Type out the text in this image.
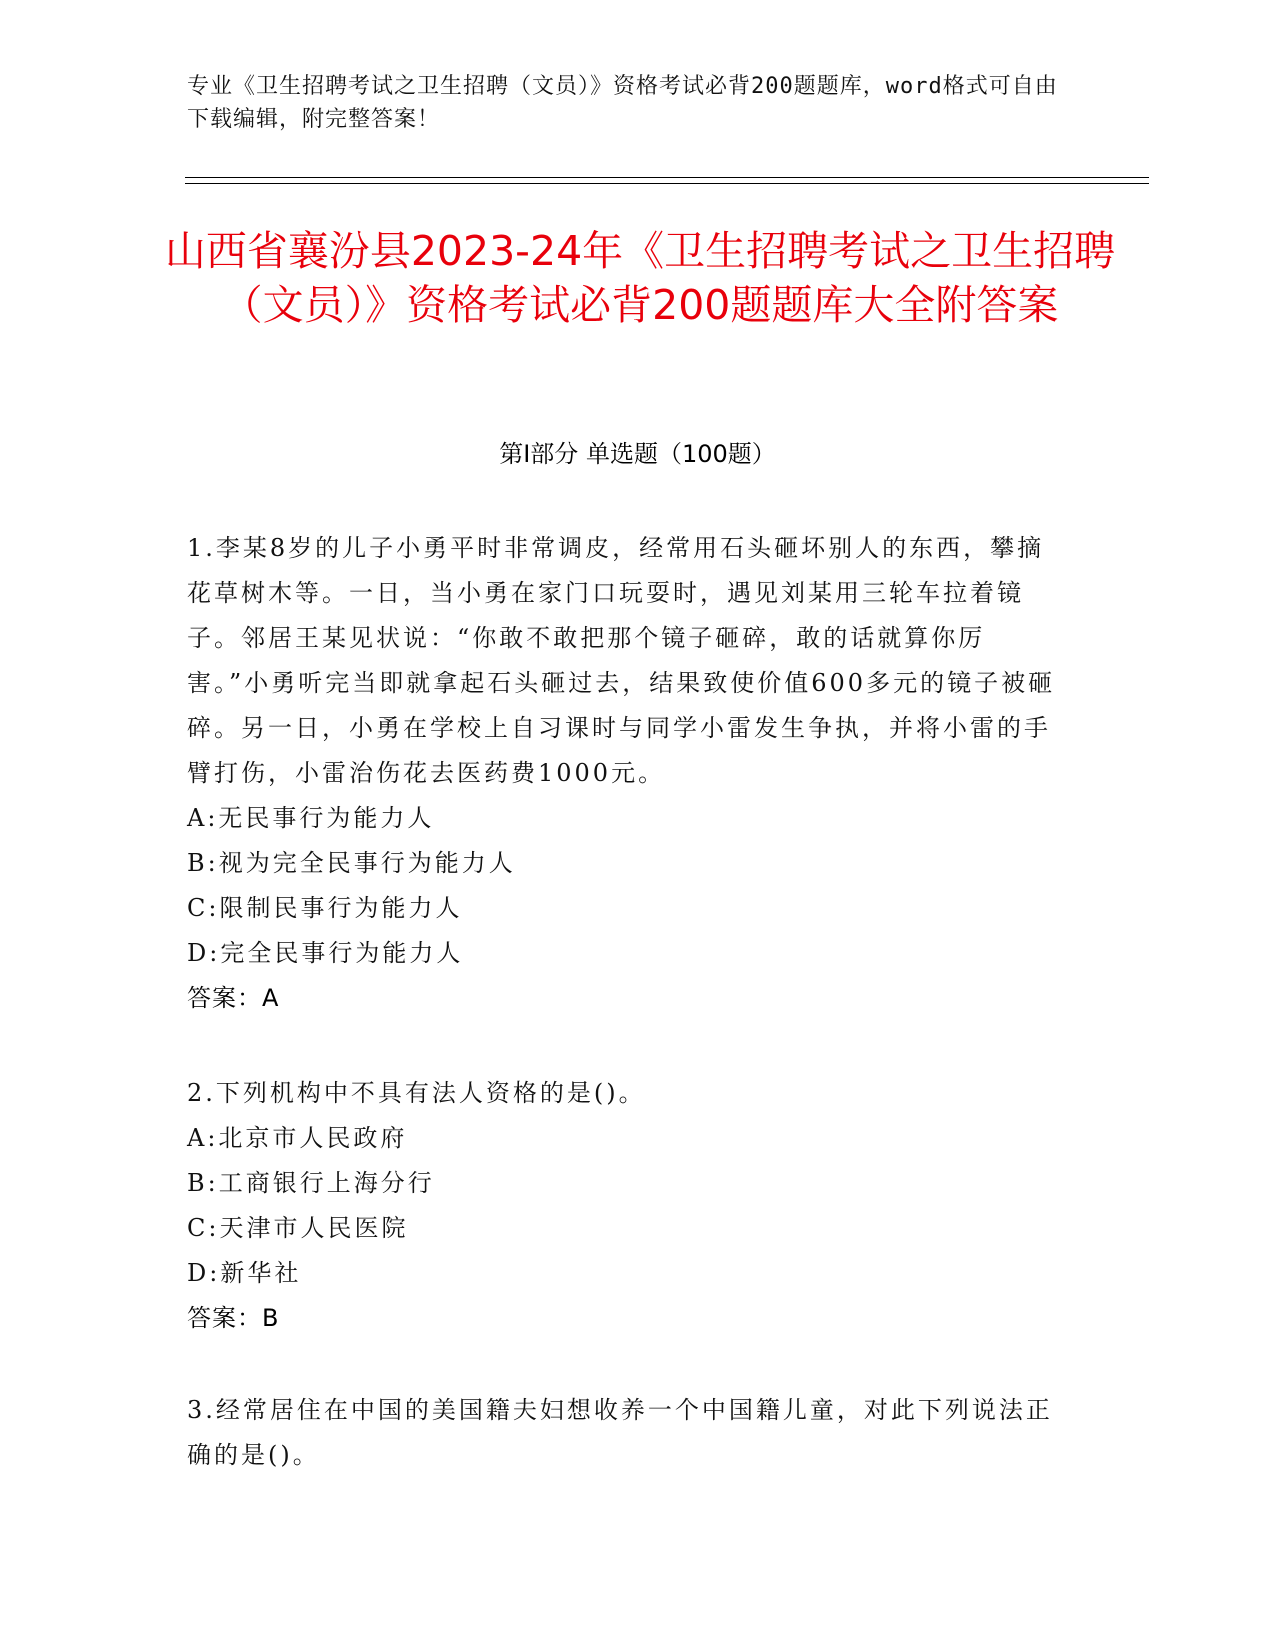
专业《卫生招聘考试之卫生招聘（文员）》资格考试必背200题题库，word格式可自由下载编辑，附完整答案！
山西省襄汾县2023-24年《卫生招聘考试之卫生招聘（文员）》资格考试必背200题题库大全附答案
第Ⅰ部分 单选题（100题）

1.李某8岁的儿子小勇平时非常调皮，经常用石头砸坏别人的东西，攀摘花草树木等。一日，当小勇在家门口玩耍时，遇见刘某用三轮车拉着镜子。邻居王某见状说：“你敢不敢把那个镜子砸碎，敢的话就算你厉害。”小勇听完当即就拿起石头砸过去，结果致使价值600多元的镜子被砸碎。另一日，小勇在学校上自习课时与同学小雷发生争执，并将小雷的手臂打伤，小雷治伤花去医药费1000元。

A:无民事行为能力人

B:视为完全民事行为能力人

C:限制民事行为能力人

D:完全民事行为能力人

答案：A

2.下列机构中不具有法人资格的是()。

A:北京市人民政府

B:工商银行上海分行

C:天津市人民医院

D:新华社

答案：B

3.经常居住在中国的美国籍夫妇想收养一个中国籍儿童，对此下列说法正确的是()。
